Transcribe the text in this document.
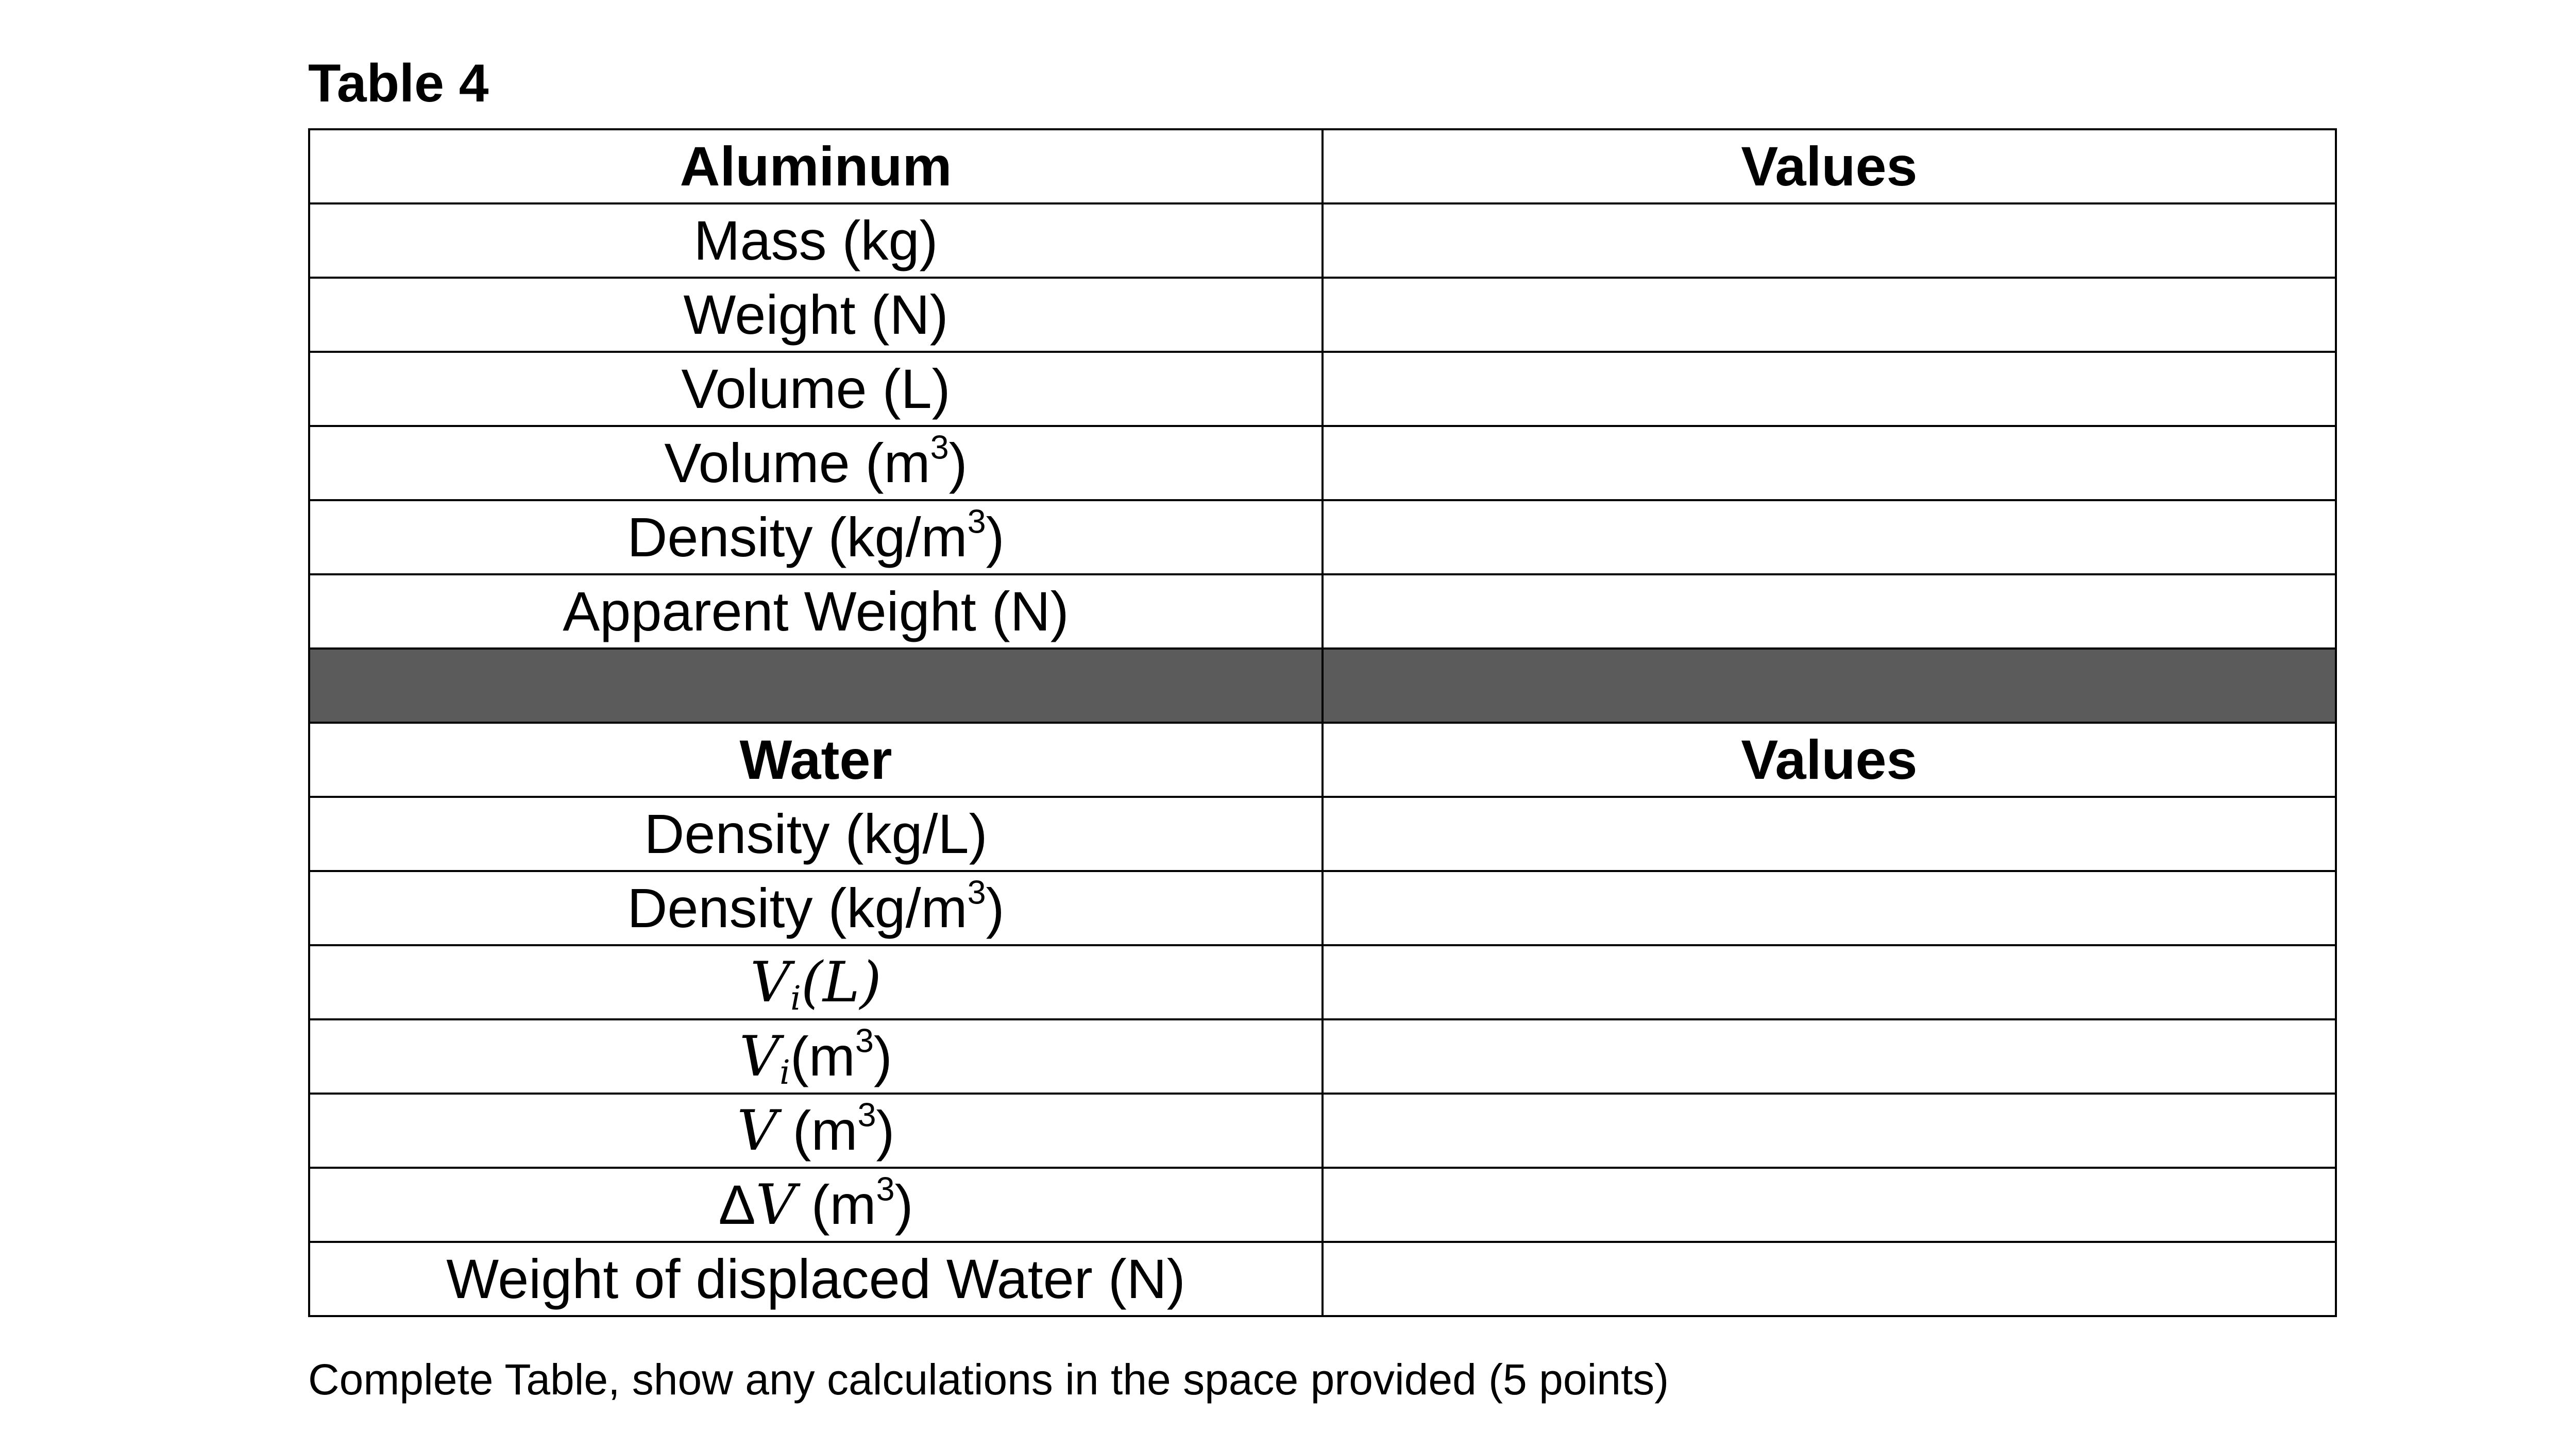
Table 4
Aluminum	Values
Mass (kg)	
Weight (N)	
Volume (L)	
Volume $(m^3)$	
Density $(kg/m^3)$	
Apparent Weight (N)	

Water	Values
Density (kg/L)	
Density $(kg/m^3)$	
$V_i(L)$	
$V_i(m^3)$	
V $(m^3)$	
ΔV $(m^3)$	
Weight of displaced Water (N)	
Complete Table, show any calculations in the space provided (5 points)
